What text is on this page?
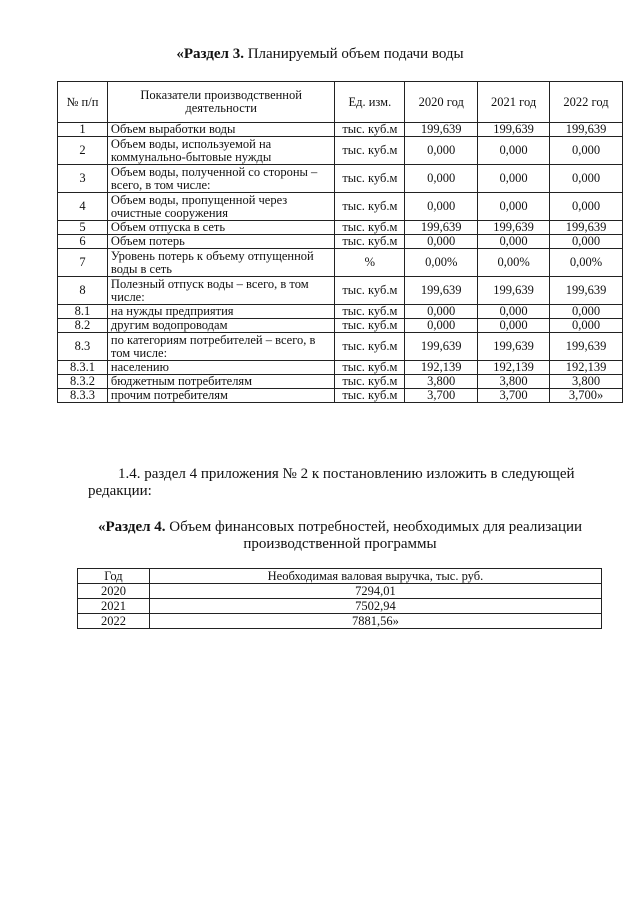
«Раздел 3. Планируемый объем подачи воды
№ п/п	Показатели производственной деятельности	Ед. изм.	2020 год	2021 год	2022 год
1	Объем выработки воды	тыс. куб.м	199,639	199,639	199,639
2	Объем воды, используемой на коммунально-бытовые нужды	тыс. куб.м	0,000	0,000	0,000
3	Объем воды, полученной со стороны – всего, в том числе:	тыс. куб.м	0,000	0,000	0,000
4	Объем воды, пропущенной через очистные сооружения	тыс. куб.м	0,000	0,000	0,000
5	Объем отпуска в сеть	тыс. куб.м	199,639	199,639	199,639
6	Объем потерь	тыс. куб.м	0,000	0,000	0,000
7	Уровень потерь к объему отпущенной воды в сеть	%	0,00%	0,00%	0,00%
8	Полезный отпуск воды – всего, в том числе:	тыс. куб.м	199,639	199,639	199,639
8.1	на нужды предприятия	тыс. куб.м	0,000	0,000	0,000
8.2	другим водопроводам	тыс. куб.м	0,000	0,000	0,000
8.3	по категориям потребителей – всего, в том числе:	тыс. куб.м	199,639	199,639	199,639
8.3.1	населению	тыс. куб.м	192,139	192,139	192,139
8.3.2	бюджетным потребителям	тыс. куб.м	3,800	3,800	3,800
8.3.3	прочим потребителям	тыс. куб.м	3,700	3,700	3,700»
1.4. раздел 4 приложения № 2 к постановлению изложить в следующей редакции:
«Раздел 4. Объем финансовых потребностей, необходимых для реализации производственной программы
Год	Необходимая валовая выручка, тыс. руб.
2020	7294,01
2021	7502,94
2022	7881,56»
